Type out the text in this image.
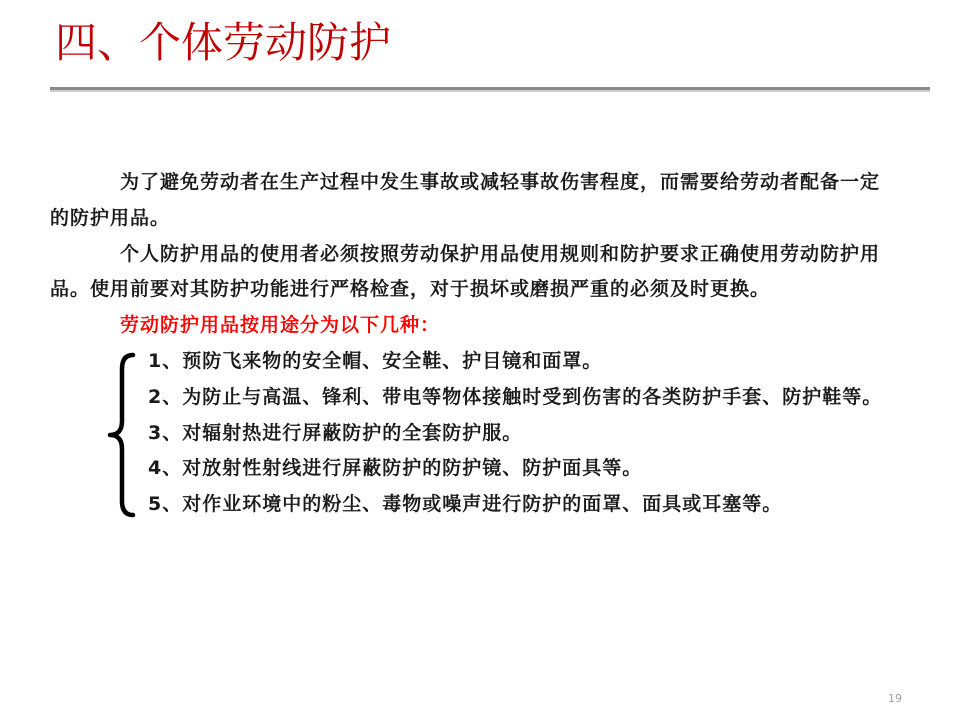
四、个体劳动防护

为了避免劳动者在生产过程中发生事故或减轻事故伤害程度，而需要给劳动者配备一定的防护用品。

个人防护用品的使用者必须按照劳动保护用品使用规则和防护要求正确使用劳动防护用品。使用前要对其防护功能进行严格检查，对于损坏或磨损严重的必须及时更换。

劳动防护用品按用途分为以下几种：

1、预防飞来物的安全帽、安全鞋、护目镜和面罩。
2、为防止与高温、锋利、带电等物体接触时受到伤害的各类防护手套、防护鞋等。
3、对辐射热进行屏蔽防护的全套防护服。
4、对放射性射线进行屏蔽防护的防护镜、防护面具等。
5、对作业环境中的粉尘、毒物或噪声进行防护的面罩、面具或耳塞等。
19
